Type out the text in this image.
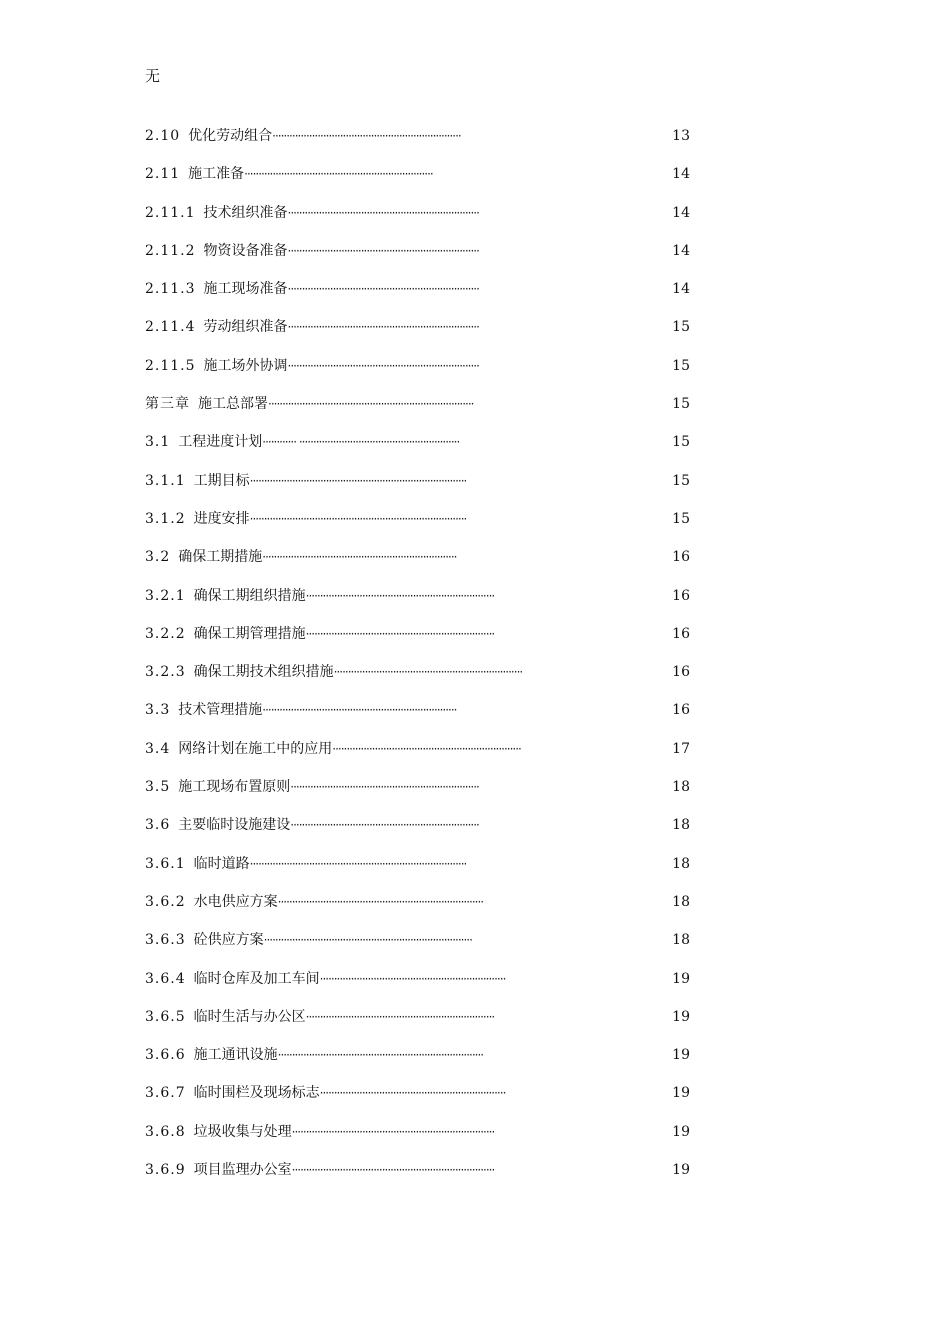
无
2.10 优化劳动组合 ···································································	13
2.11 施工准备 ···································································	14
2.11.1 技术组织准备 ····································································	14
2.11.2 物资设备准备 ····································································	14
2.11.3 施工现场准备 ····································································	14
2.11.4 劳动组织准备 ····································································	15
2.11.5 施工场外协调 ····································································	15
第三章 施工总部署 ·········································································	15
3.1 工程进度计划 ············ ·························································	15
3.1.1 工期目标 ·············································································	15
3.1.2 进度安排 ·············································································	15
3.2 确保工期措施 ·····································································	16
3.2.1 确保工期组织措施 ···································································	16
3.2.2 确保工期管理措施 ···································································	16
3.2.3 确保工期技术组织措施 ···································································	16
3.3 技术管理措施 ·····································································	16
3.4 网络计划在施工中的应用 ···································································	17
3.5 施工现场布置原则 ···································································	18
3.6 主要临时设施建设 ···································································	18
3.6.1 临时道路 ·············································································	18
3.6.2 水电供应方案 ·········································································	18
3.6.3 砼供应方案 ··········································································	18
3.6.4 临时仓库及加工车间 ··································································	19
3.6.5 临时生活与办公区 ···································································	19
3.6.6 施工通讯设施 ·········································································	19
3.6.7 临时围栏及现场标志 ··································································	19
3.6.8 垃圾收集与处理 ········································································	19
3.6.9 项目监理办公室 ········································································	19
